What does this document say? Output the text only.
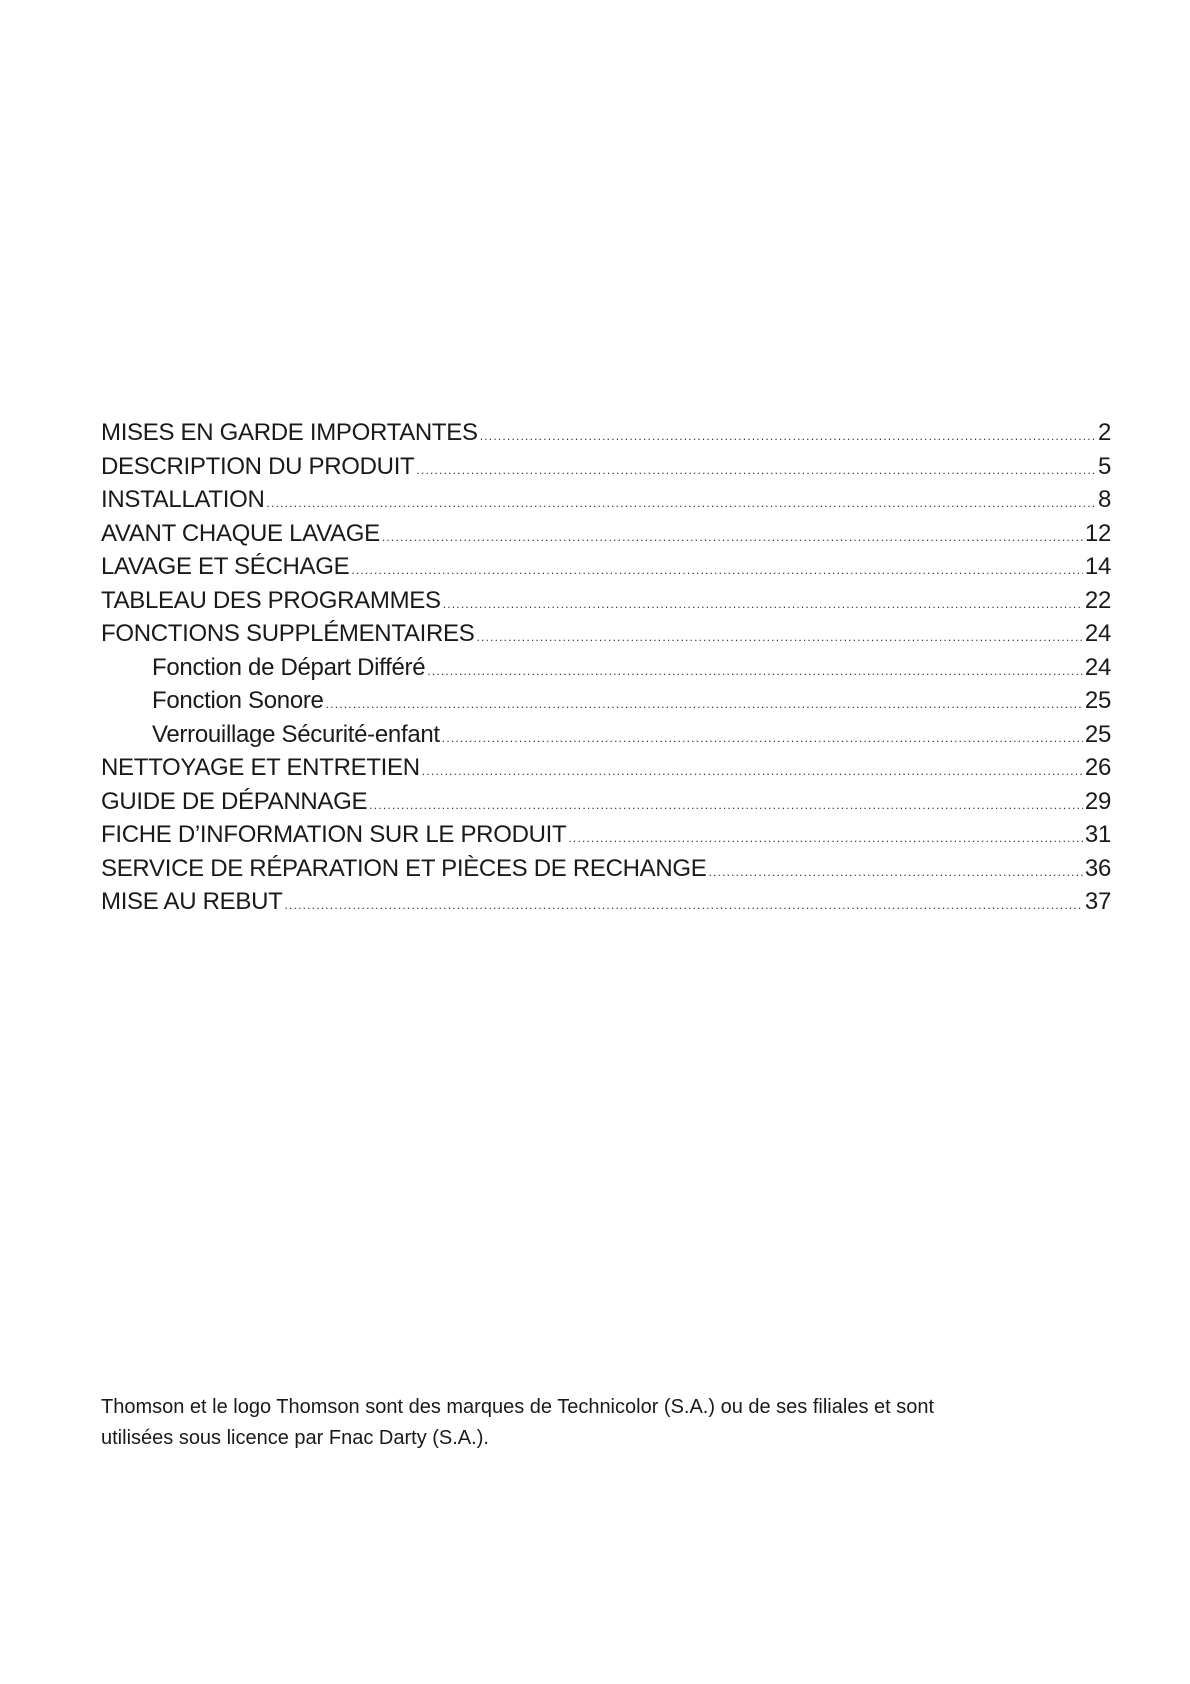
MISES EN GARDE IMPORTANTES .....	2
DESCRIPTION DU PRODUIT .....	5
INSTALLATION .....	8
AVANT CHAQUE LAVAGE .....	12
LAVAGE ET SÉCHAGE .....	14
TABLEAU DES PROGRAMMES .....	22
FONCTIONS SUPPLÉMENTAIRES .....	24
Fonction de Départ Différé .....	24
Fonction Sonore .....	25
Verrouillage Sécurité-enfant .....	25
NETTOYAGE ET ENTRETIEN .....	26
GUIDE DE DÉPANNAGE .....	29
FICHE D’INFORMATION SUR LE PRODUIT .....	31
SERVICE DE RÉPARATION ET PIÈCES DE RECHANGE .....	36
MISE AU REBUT .....	37
Thomson et le logo Thomson sont des marques de Technicolor (S.A.) ou de ses filiales et sont
utilisées sous licence par Fnac Darty (S.A.).
